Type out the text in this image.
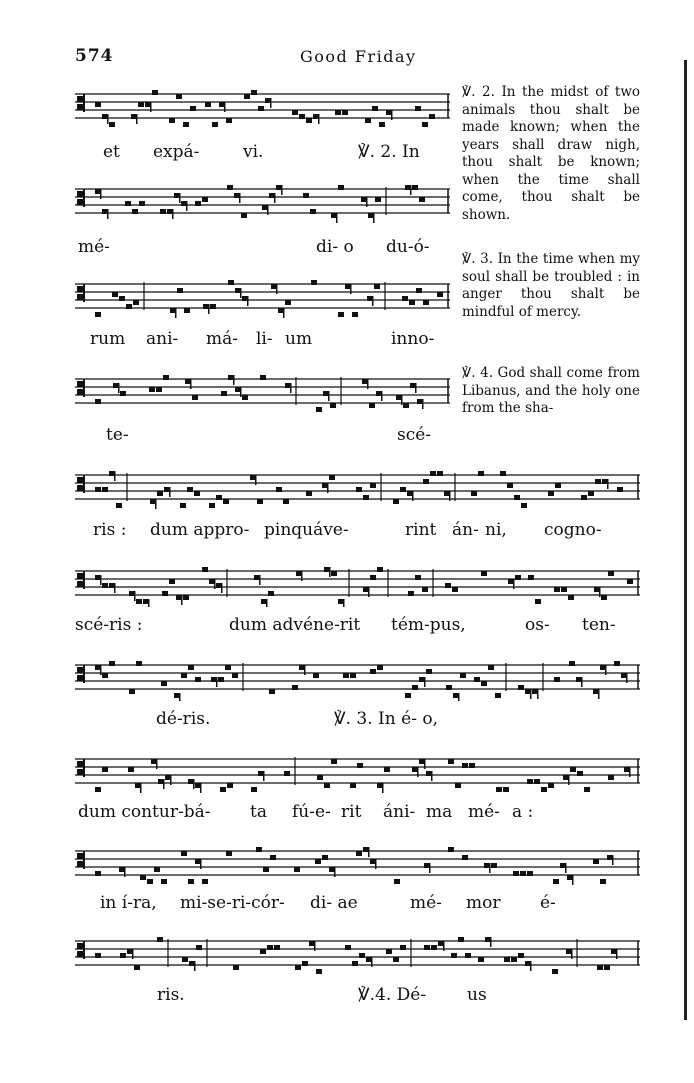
574	Good Friday
et expá-	vi.	℣. 2. In
mé-	di- o du-ó-
rum ani- má- li- um	inno-
te-	scé-
ris : dum appro- pinquáve-	rint án- ni, cogno-
scé-ris :	dum advéne-rit tém-pus,	os- ten-
dé-ris.	℣. 3. In é- o,
dum contur-bá- ta fú-e- rit áni- ma mé- a :
in í-ra, mi-se-ri-cór- di- ae	mé- mor é-
ris.	℣.4. Dé- us
℣. 2. In the midst of two animals thou shalt be made known; when the years shall draw nigh, thou shalt be known; when the time shall come, thou shalt be shown.
℣. 3. In the time when my soul shall be troubled : in anger thou shalt be mindful of mercy.
℣. 4. God shall come from Libanus, and the holy one from the sha-
